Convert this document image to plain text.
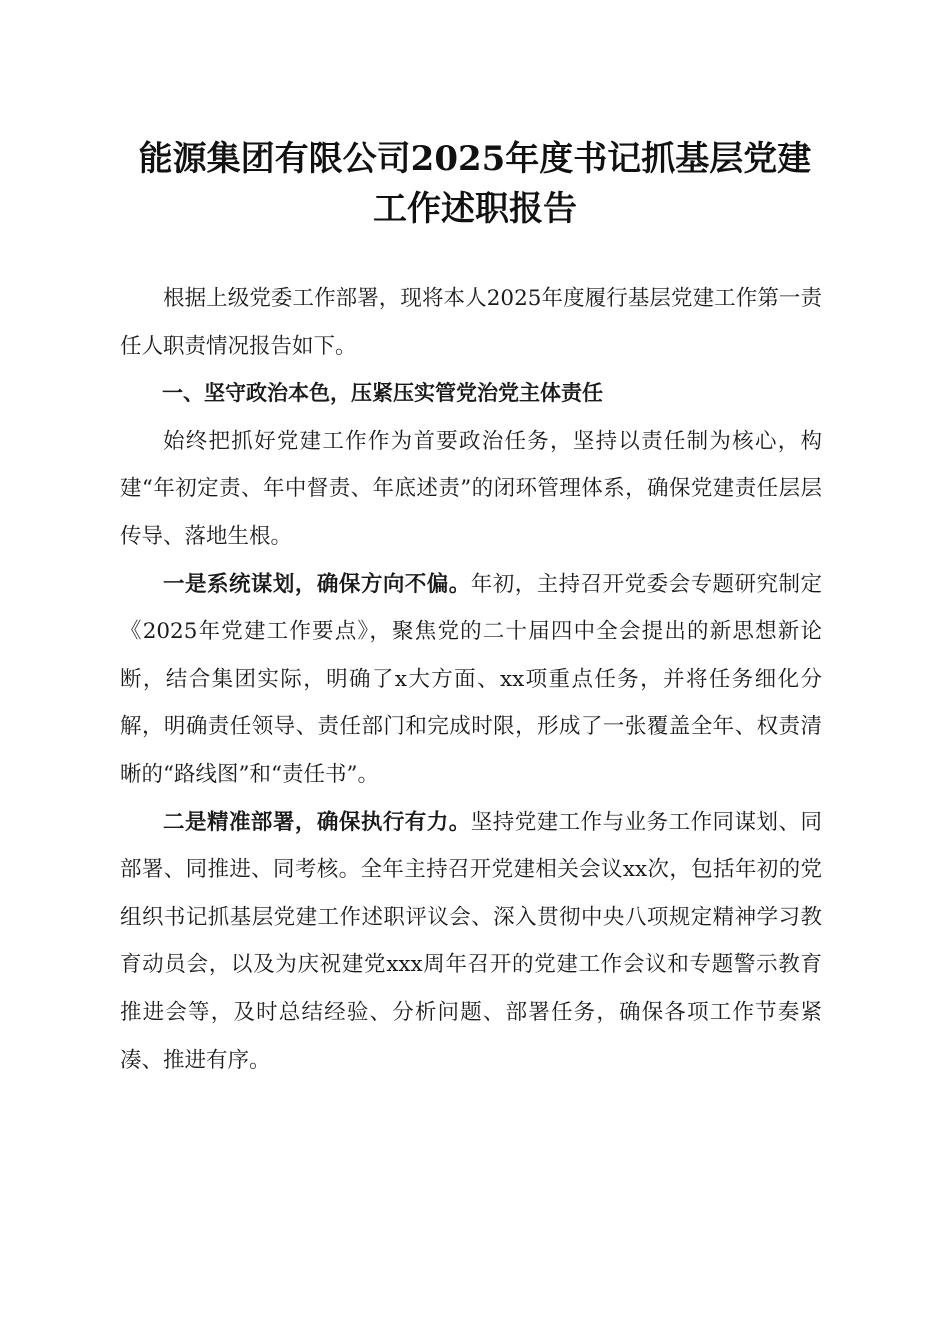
能源集团有限公司2025年度书记抓基层党建
工作述职报告

根据上级党委工作部署，现将本人2025年度履行基层党建工作第一责任人职责情况报告如下。

一、坚守政治本色，压紧压实管党治党主体责任

始终把抓好党建工作作为首要政治任务，坚持以责任制为核心，构建“年初定责、年中督责、年底述责”的闭环管理体系，确保党建责任层层传导、落地生根。

一是系统谋划，确保方向不偏。年初，主持召开党委会专题研究制定《2025年党建工作要点》，聚焦党的二十届四中全会提出的新思想新论断，结合集团实际，明确了x大方面、xx项重点任务，并将任务细化分解，明确责任领导、责任部门和完成时限，形成了一张覆盖全年、权责清晰的“路线图”和“责任书”。

二是精准部署，确保执行有力。坚持党建工作与业务工作同谋划、同部署、同推进、同考核。全年主持召开党建相关会议xx次，包括年初的党组织书记抓基层党建工作述职评议会、深入贯彻中央八项规定精神学习教育动员会，以及为庆祝建党xxx周年召开的党建工作会议和专题警示教育推进会等，及时总结经验、分析问题、部署任务，确保各项工作节奏紧凑、推进有序。
